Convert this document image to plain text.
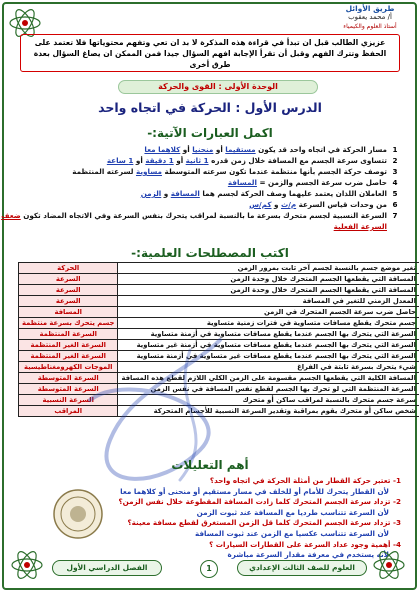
طريق الأوائل
أ/ محمد يعقوب
أستاذ العلوم والكيمياء
عزيزي الطالب قبل ان تبدأ في قراءة هذه المذكرة لا بد ان تعي وتفهم محتوياتها فلا تعتمد على الحفظ وتترك الفهم وقبل أن تقرأ الإجابة افهم السؤال جيدا فمن الممكن ان يصاغ السؤال بعدة طرق أخرى
الوحدة الأولى : القوى والحركة
الدرس الأول : الحركة في اتجاه واحد
اكمل العبارات الآتية:-
1
مسار الحركة في اتجاه واحد قد يكون مستقيما أو منحنيا أو كلاهما معا
2
تتساوى سرعة الجسم مع المسافة خلال زمن قدره 1 ثانية أو 1 دقيقة أو 1 ساعة
3
توصف حركة الجسم بأنها منتظمة عندما تكون سرعته المتوسطة مساوية لسرعته المنتظمة
4
حاصل ضرب سرعة الجسم والزمن = المسافة
5
العاملان اللذان يعتمد عليهما وصف الحركة لجسم هما المسافة و الزمن
6
من وحدات قياس السرعة م/ث و كم/س
7
السرعة النسبية لجسم متحرك بسرعة ما بالنسبة لمراقب يتحرك بنفس السرعة وفي الاتجاه المضاد تكون ضعف
السرعة الفعلية
اكتب المصطلحات العلمية:-
	تغير موضع جسم بالنسبة لجسم آخر ثابت بمرور الزمن	الحركة
	المسافة التي يقطعها الجسم المتحرك خلال وحدة الزمن	السرعة
	المسافة التي يقطعها الجسم المتحرك خلال وحدة الزمن	السرعة
	المعدل الزمني للتغير في المسافة	السرعة
	حاصل ضرب سرعة الجسم المتحرك في الزمن	المسافة
	جسم متحرك يقطع مسافات متساوية في فترات زمنية متساوية	جسم يتحرك بسرعة منتظمة
	السرعة التي يتحرك بها الجسم عندما يقطع مسافات متساوية في أزمنة متساوية	السرعة المنتظمة
	السرعة التي يتحرك بها الجسم عندما يقطع مسافات متساوية في أزمنة غير متساوية	السرعة الغير المنتظمة
	السرعة التي يتحرك بها الجسم عندما يقطع مسافات غير متساوية في أزمنة متساوية	السرعة الغير المنتظمة
	شيء يتحرك بسرعة ثابتة في الفراغ	الموجات الكهرومغناطيسية
	المسافة الكلية التي يقطعها الجسم مقسومة على الزمن الكلي اللازم لقطع هذه المسافة	السرعة المتوسطة
	السرعة المنتظمة التي لو تحرك بها الجسم لقطع نفس المسافة في نفس الزمن	السرعة المتوسطة
	سرعة جسم متحرك بالنسبة لمراقب ساكن أو متحرك	السرعة النسبية
	شخص ساكن أو متحرك يقوم بمراقبة وتقدير السرعة النسبية للأجسام المتحركة	المراقب
أهم التعليلات
1- تعتبر حركة القطار من أمثلة الحركة في اتجاه واحد؟
لأن القطار يتحرك للأمام أو للخلف في مسار مستقيم أو منحنى أو كلاهما معا
2- تزداد سرعة الجسم المتحرك كلما زادت المسافة المقطوعة خلال نفس الزمن؟
لأن السرعة تتناسب طرديا مع المسافة عند ثبوت الزمن
3- تزداد سرعة الجسم المتحرك كلما قل الزمن المستغرق لقطع مسافة معينة؟
لأن السرعة تتناسب عكسيا مع الزمن عند ثبوت المسافة
4- أهمية وجود عداد السرعة على القطارات السيارات ؟
لأنه يستخدم في معرفة مقدار السرعة مباشرة
العلوم للصف الثالث الإعدادي
1
الفصل الدراسي الأول
